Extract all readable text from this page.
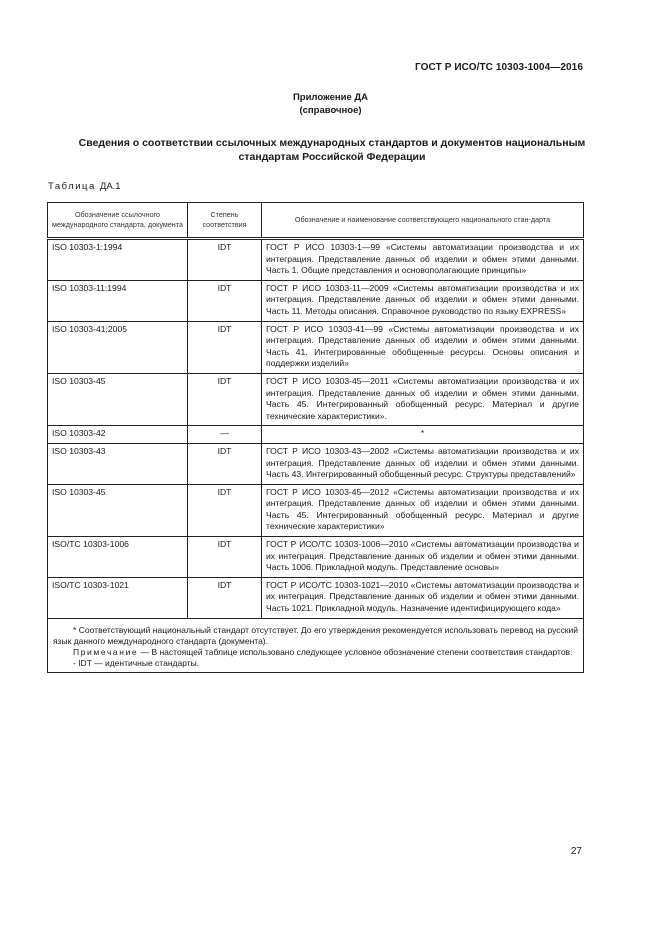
ГОСТ Р ИСО/ТС 10303-1004—2016
Приложение ДА
(справочное)
Сведения о соответствии ссылочных международных стандартов и документов национальным стандартам Российской Федерации
Таблица ДА.1
Обозначение ссылочного международного стандарта, документа	Степень соответствия	Обозначение и наименование соответствующего национального стан-дарта
ISO 10303-1:1994	IDT	ГОСТ Р ИСО 10303-1—99 «Системы автоматизации производства и их интеграция. Представление данных об изделии и обмен этими данными. Часть 1. Общие представления и основополагающие принципы»
ISO 10303-11:1994	IDT	ГОСТ Р ИСО 10303-11—2009 «Системы автоматизации производства и их интеграция. Представление данных об изделии и обмен этими данными. Часть 11. Методы описания. Справочное руководство по языку EXPRESS»
ISO 10303-41;2005	IDT	ГОСТ Р ИСО 10303-41—99 «Системы автоматизации производства и их интеграция. Представление данных об изделии и обмен этими данными. Часть 41. Интегрированные обобщенные ресурсы. Основы описания и поддержки изделий»
ISO 10303-45	IDT	ГОСТ Р ИСО 10303-45—2011 «Системы автоматизации производства и их интеграция. Представление данных об изделии и обмен этими данными. Часть 45. Интегрированный обобщенный ресурс. Материал и другие технические характеристики».
ISO 10303-42	—	*
ISO 10303-43	IDT	ГОСТ Р ИСО 10303-43—2002 «Системы автоматизации производства и их интеграция. Представление данных об изделии и обмен этими данными. Часть 43. Интегрированный обобщенный ресурс. Структуры представлений»
ISO 10303-45	IDT	ГОСТ Р ИСО 10303-45—2012 «Системы автоматизации производства и их интеграция. Представление данных об изделии и обмен этими данными. Часть 45. Интегрированный обобщенный ресурс. Материал и другие технические характеристики»
ISO/TC 10303-1006	IDT	ГОСТ Р ИСО/ТС 10303-1006—2010 «Системы автоматизации производства и их интеграция. Представление данных об изделии и обмен этими данными. Часть 1006. Прикладной модуль. Представление основы»
ISO/TC 10303-1021	IDT	ГОСТ Р ИСО/ТС 10303-1021—2010 «Системы автоматизации производства и их интеграция. Представление данных об изделии и обмен этими данными. Часть 1021. Прикладной модуль. Назначение идентифицирующего кода»

* Соответствующий национальный стандарт отсутствует. До его утверждения рекомендуется использовать перевод на русский язык данного международного стандарта (документа).
Примечание — В настоящей таблице использовано следующее условное обозначение степени соответствия стандартов:
- IDT — идентичные стандарты.		
27
